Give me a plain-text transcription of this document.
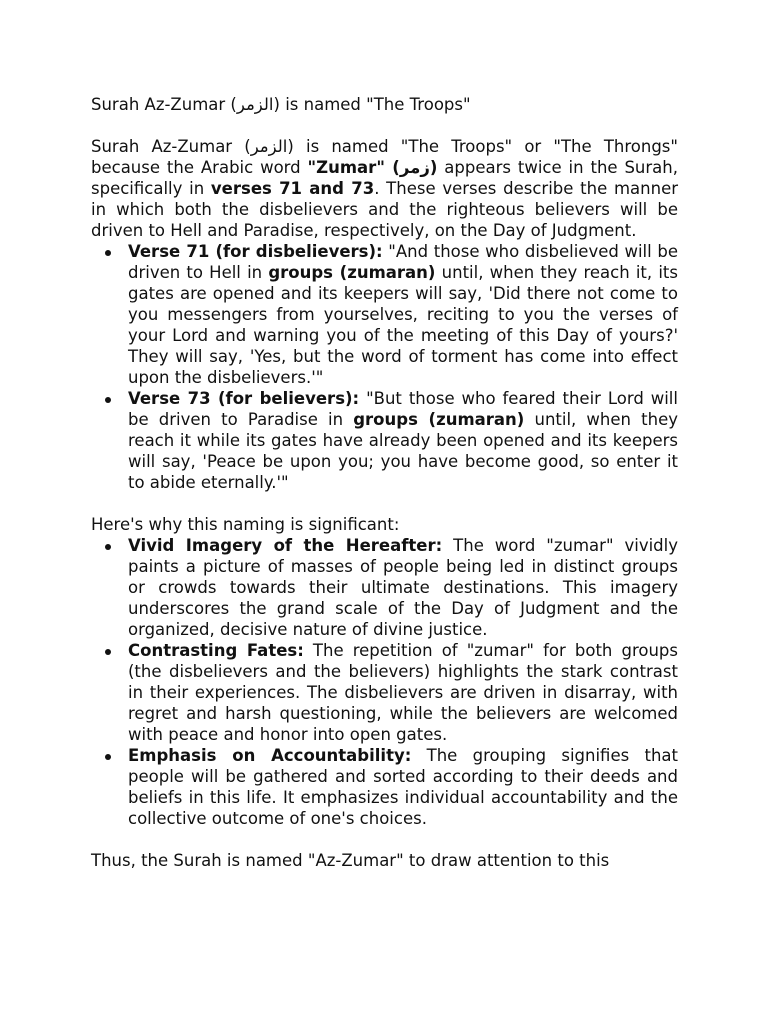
Surah Az-Zumar (الزمر) is named "The Troops"

Surah Az-Zumar (الزمر) is named "The Troops" or "The Throngs" because the Arabic word "Zumar" (زمر) appears twice in the Surah, specifically in verses 71 and 73. These verses describe the manner in which both the disbelievers and the righteous believers will be driven to Hell and Paradise, respectively, on the Day of Judgment.

Verse 71 (for disbelievers): "And those who disbelieved will be driven to Hell in groups (zumaran) until, when they reach it, its gates are opened and its keepers will say, 'Did there not come to you messengers from yourselves, reciting to you the verses of your Lord and warning you of the meeting of this Day of yours?' They will say, 'Yes, but the word of torment has come into effect upon the disbelievers.'"
Verse 73 (for believers): "But those who feared their Lord will be driven to Paradise in groups (zumaran) until, when they reach it while its gates have already been opened and its keepers will say, 'Peace be upon you; you have become good, so enter it to abide eternally.'"

Here's why this naming is significant:

Vivid Imagery of the Hereafter: The word "zumar" vividly paints a picture of masses of people being led in distinct groups or crowds towards their ultimate destinations. This imagery underscores the grand scale of the Day of Judgment and the organized, decisive nature of divine justice.
Contrasting Fates: The repetition of "zumar" for both groups (the disbelievers and the believers) highlights the stark contrast in their experiences. The disbelievers are driven in disarray, with regret and harsh questioning, while the believers are welcomed with peace and honor into open gates.
Emphasis on Accountability: The grouping signifies that people will be gathered and sorted according to their deeds and beliefs in this life. It emphasizes individual accountability and the collective outcome of one's choices.

Thus, the Surah is named "Az-Zumar" to draw attention to this
